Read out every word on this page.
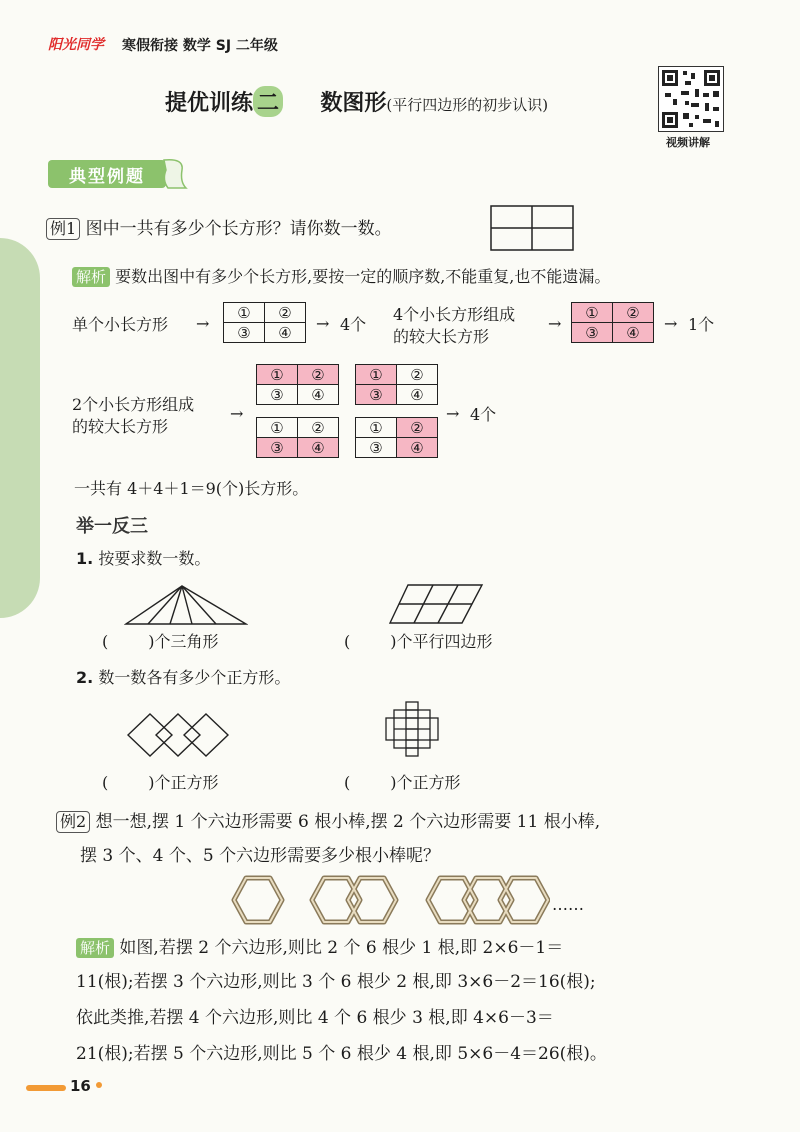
阳光同学 寒假衔接 数学 SJ 二年级
提优训练 二 数图形(平行四边形的初步认识)
视频讲解
典型例题
例1 图中一共有多少个长方形？请你数一数。
解析 要数出图中有多少个长方形,要按一定的顺序数,不能重复,也不能遗漏。
单个小长方形 →
①	②
③	④ → 4个
4个小长方形组成
的较大长方形
→
①	②
③	④ → 1个
2个小长方形组成
的较大长方形
→
①	②
③	④
①	②
③	④
①	②
③	④
①	②
③	④
→ 4个
一共有 4＋4＋1＝9(个)长方形。
举一反三
1. 按要求数一数。
(	)个三角形	(	)个平行四边形
2. 数一数各有多少个正方形。
(	)个正方形	(	)个正方形
例2 想一想,摆 1 个六边形需要 6 根小棒,摆 2 个六边形需要 11 根小棒,
摆 3 个、4 个、5 个六边形需要多少根小棒呢？
……
解析 如图,若摆 2 个六边形,则比 2 个 6 根少 1 根,即 2×6－1＝
11(根);若摆 3 个六边形,则比 3 个 6 根少 2 根,即 3×6－2＝16(根);
依此类推,若摆 4 个六边形,则比 4 个 6 根少 3 根,即 4×6－3＝
21(根);若摆 5 个六边形,则比 5 个 6 根少 4 根,即 5×6－4＝26(根)。
16
